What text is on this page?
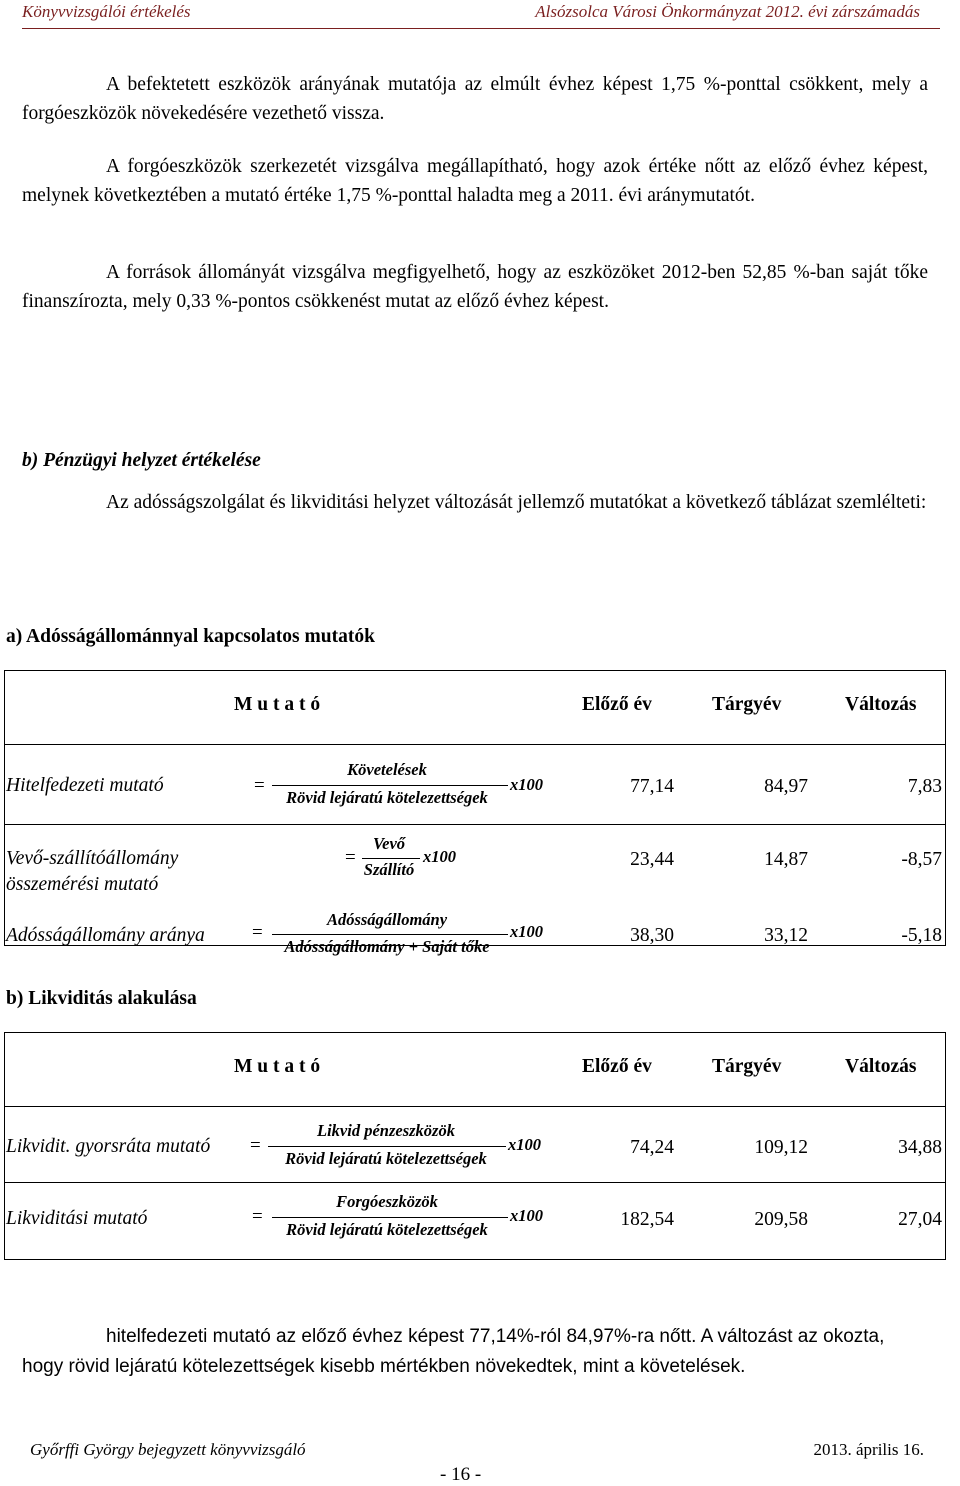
Könyvvizsgálói értékelés	Alsózsolca Városi Önkormányzat 2012. évi zárszámadás
A befektetett eszközök arányának mutatója az elmúlt évhez képest 1,75 %-ponttal csökkent, mely a forgóeszközök növekedésére vezethető vissza.
A forgóeszközök szerkezetét vizsgálva megállapítható, hogy azok értéke nőtt az előző évhez képest, melynek következtében a mutató értéke 1,75 %-ponttal haladta meg a 2011. évi aránymutatót.
A források állományát vizsgálva megfigyelhető, hogy az eszközöket 2012-ben 52,85 %-ban saját tőke finanszírozta, mely 0,33 %-pontos csökkenést mutat az előző évhez képest.
b) Pénzügyi helyzet értékelése
Az adósságszolgálat és likviditási helyzet változását jellemző mutatókat a következő táblázat szemlélteti:
a) Adósságállománnyal kapcsolatos mutatók
M u t a t ó	Előző év	Tárgyév	Változás
Hitelfedezeti mutató	=
Követelések
Rövid lejáratú kötelezettségek
x100	77,14	84,97	7,83
Vevő-szállítóállomány
összemérési mutató
=
Vevő
Szállító
x100	23,44	14,87	-8,57
Adósságállomány aránya =
Adósságállomány
Adósságállomány + Saját tőke
x100	38,30	33,12	-5,18
b) Likviditás alakulása
M u t a t ó	Előző év	Tárgyév	Változás
Likvidit. gyorsráta mutató =
Likvid pénzeszközök
Rövid lejáratú kötelezettségek
x100	74,24	109,12	34,88
Likviditási mutató	=
Forgóeszközök
Rövid lejáratú kötelezettségek
x100	182,54	209,58	27,04
hitelfedezeti mutató az előző évhez képest 77,14%-ról 84,97%-ra nőtt. A változást az okozta, hogy rövid lejáratú kötelezettségek kisebb mértékben növekedtek, mint a követelések.
Győrffi György bejegyzett könyvvizsgáló	2013. április 16.
- 16 -
